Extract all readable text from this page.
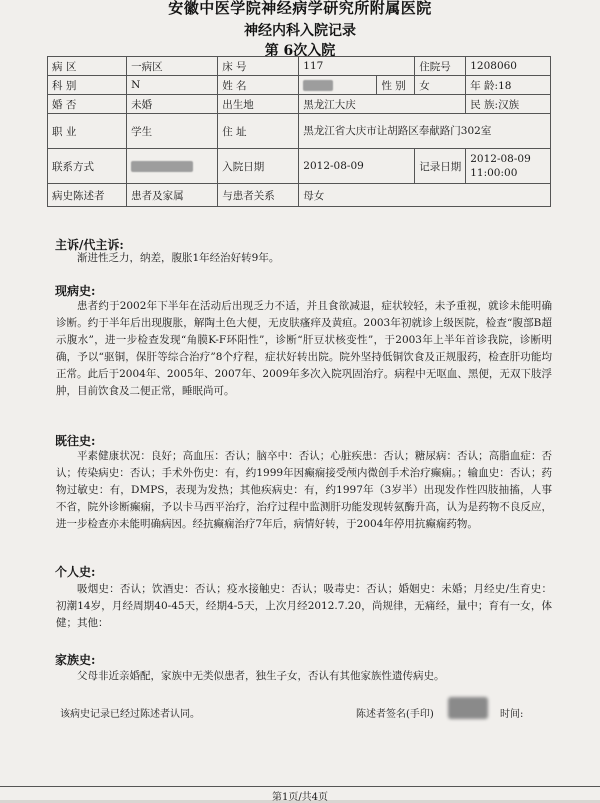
安徽中医学院神经病学研究所附属医院
神经内科入院记录
第 6次入院
病 区	一病区	床 号	117		住院号	1208060
科 别	N	姓 名		性 别	女	年 龄:18
婚 否	未婚	出生地	黑龙江大庆			民 族:汉族
职 业	学生	住 址	黑龙江省大庆市让胡路区奉献路门302室			
联系方式		入院日期	2012-08-09		记录日期	2012-08-09 11:00:00
病史陈述者	患者及家属	与患者关系	母女			
主诉/代主诉:
渐进性乏力，纳差，腹胀1年经治好转9年。
现病史:
患者约于2002年下半年在活动后出现乏力不适，并且食欲减退，症状较轻，未予重视，就诊未能明确诊断。约于半年后出现腹胀，解陶土色大便，无皮肤瘙痒及黄疸。2003年初就诊上级医院，检查“腹部B超示腹水”，进一步检查发现“角膜K-F环阳性”，诊断“肝豆状核变性”，于2003年上半年首诊我院，诊断明确，予以“驱铜，保肝等综合治疗”8个疗程，症状好转出院。院外坚持低铜饮食及正规服药，检查肝功能均正常。此后于2004年、2005年、2007年、2009年多次入院巩固治疗。病程中无呕血、黑便，无双下肢浮肿，目前饮食及二便正常，睡眠尚可。
既往史:
平素健康状况：良好；高血压：否认；脑卒中：否认；心脏疾患：否认；糖尿病：否认；高脂血症：否认；传染病史：否认；手术外伤史：有，约1999年因癫痫接受颅内微创手术治疗癫痫。；输血史：否认；药物过敏史：有，DMPS，表现为发热；其他疾病史：有，约1997年（3岁半）出现发作性四肢抽搐，人事不省，院外诊断癫痫，予以卡马西平治疗，治疗过程中监测肝功能发现转氨酶升高，认为是药物不良反应，进一步检查亦未能明确病因。经抗癫痫治疗7年后，病情好转，于2004年停用抗癫痫药物。
个人史:
吸烟史：否认；饮酒史：否认；疫水接触史：否认；吸毒史：否认；婚姻史：未婚；月经史/生育史：初潮14岁，月经周期40-45天，经期4-5天，上次月经2012.7.20，尚规律，无痛经，量中；育有一女，体健；其他：
家族史:
父母非近亲婚配，家族中无类似患者，独生子女，否认有其他家族性遗传病史。
该病史记录已经过陈述者认同。	陈述者签名(手印)	时间:
第1页/共4页
